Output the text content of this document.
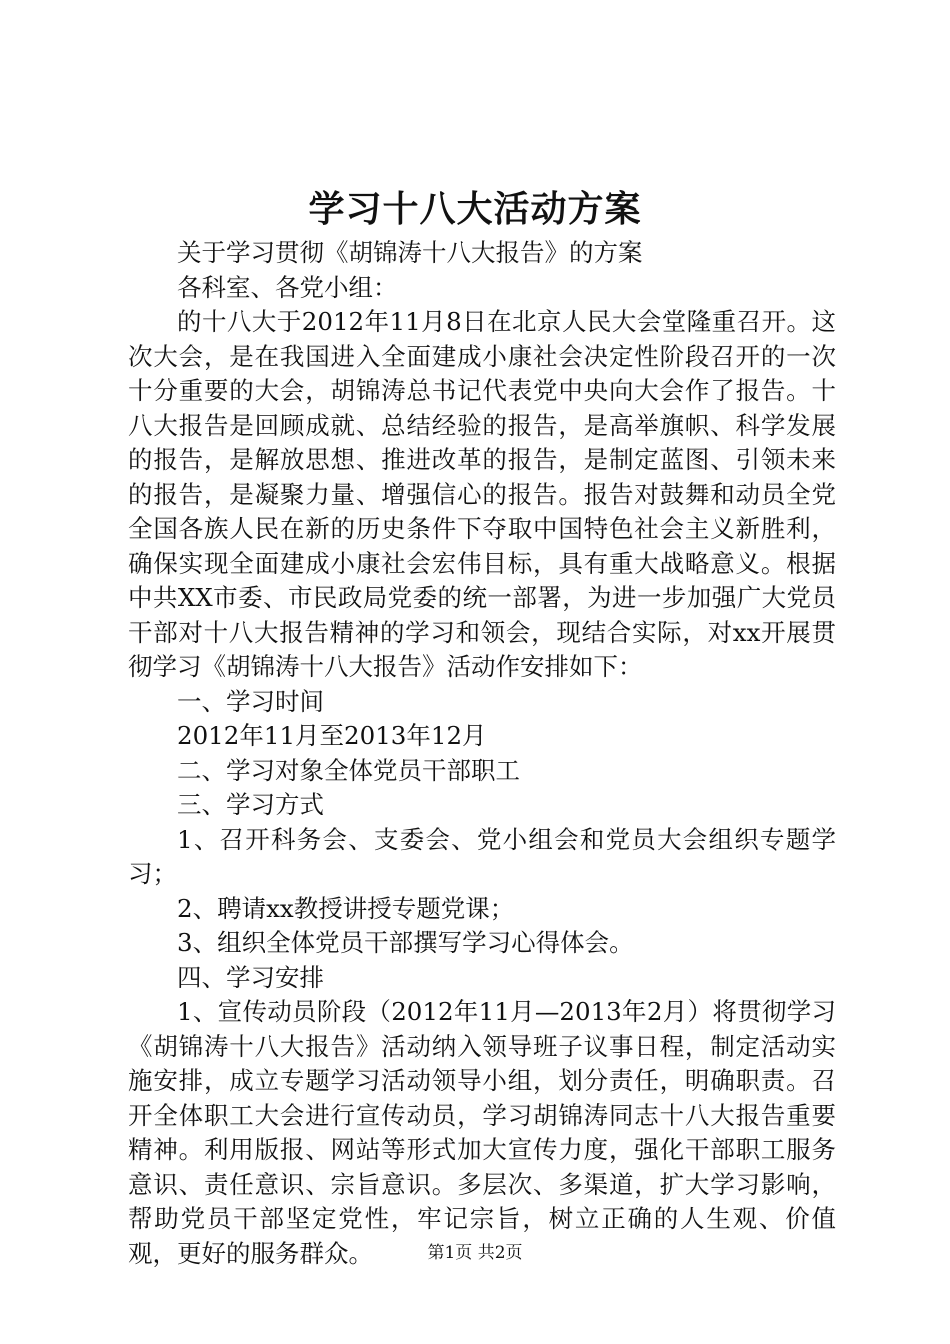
学习十八大活动方案

关于学习贯彻《胡锦涛十八大报告》的方案

各科室、各党小组：

的十八大于2012年11月8日在北京人民大会堂隆重召开。这次大会，是在我国进入全面建成小康社会决定性阶段召开的一次十分重要的大会，胡锦涛总书记代表党中央向大会作了报告。十八大报告是回顾成就、总结经验的报告，是高举旗帜、科学发展的报告，是解放思想、推进改革的报告，是制定蓝图、引领未来的报告，是凝聚力量、增强信心的报告。报告对鼓舞和动员全党全国各族人民在新的历史条件下夺取中国特色社会主义新胜利，确保实现全面建成小康社会宏伟目标，具有重大战略意义。根据中共XX市委、市民政局党委的统一部署，为进一步加强广大党员干部对十八大报告精神的学习和领会，现结合实际，对xx开展贯彻学习《胡锦涛十八大报告》活动作安排如下：

一、学习时间

2012年11月至2013年12月

二、学习对象全体党员干部职工

三、学习方式

1、召开科务会、支委会、党小组会和党员大会组织专题学习；

2、聘请xx教授讲授专题党课；

3、组织全体党员干部撰写学习心得体会。

四、学习安排

1、宣传动员阶段（2012年11月—2013年2月）将贯彻学习《胡锦涛十八大报告》活动纳入领导班子议事日程，制定活动实施安排，成立专题学习活动领导小组，划分责任，明确职责。召开全体职工大会进行宣传动员，学习胡锦涛同志十八大报告重要精神。利用版报、网站等形式加大宣传力度，强化干部职工服务意识、责任意识、宗旨意识。多层次、多渠道，扩大学习影响，帮助党员干部坚定党性，牢记宗旨，树立正确的人生观、价值观，更好的服务群众。	第1页 共2页
